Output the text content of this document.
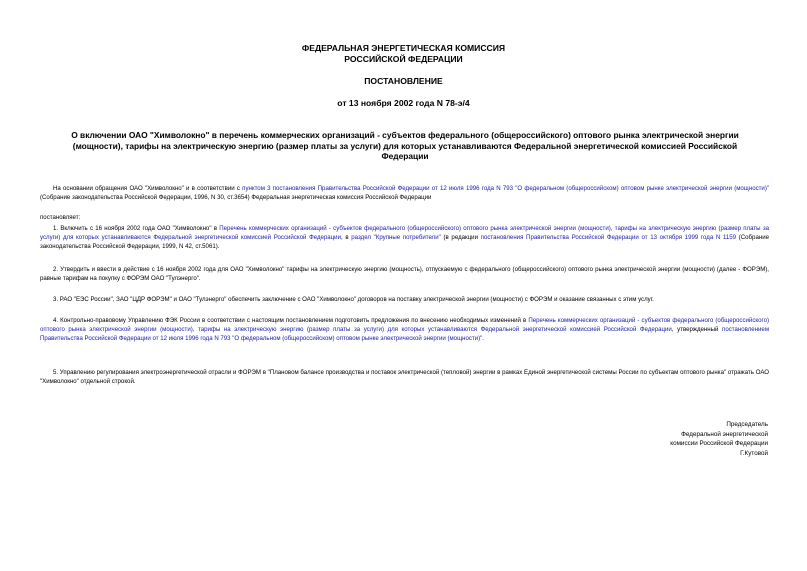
ФЕДЕРАЛЬНАЯ ЭНЕРГЕТИЧЕСКАЯ КОМИССИЯ
РОССИЙСКОЙ ФЕДЕРАЦИИ
ПОСТАНОВЛЕНИЕ
от 13 ноября 2002 года N 78-э/4
О включении ОАО "Химволокно" в перечень коммерческих организаций - субъектов федерального (общероссийского) оптового рынка электрической энергии (мощности), тарифы на электрическую энергию (размер платы за услуги) для которых устанавливаются Федеральной энергетической комиссией Российской Федерации
На основании обращения ОАО "Химволокно" и в соответствии с пунктом 3 постановления Правительства Российской Федерации от 12 июля 1996 года N 793 "О федеральном (общероссийском) оптовом рынке электрической энергии (мощности)" (Собрание законодательства Российской Федерации, 1996, N 30, ст.3654) Федеральная энергетическая комиссия Российской Федерации
постановляет:
1. Включить с 16 ноября 2002 года ОАО "Химволокно" в Перечень коммерческих организаций - субъектов федерального (общероссийского) оптового рынка электрической энергии (мощности), тарифы на электрическую энергию (размер платы за услуги) для которых устанавливаются Федеральной энергетической комиссией Российской Федерации, в раздел "Крупные потребители" (в редакции постановления Правительства Российской Федерации от 13 октября 1999 года N 1159 (Собрание законодательства Российской Федерации, 1999, N 42, ст.5061).
2. Утвердить и ввести в действие с 16 ноября 2002 года для ОАО "Химволокно" тарифы на электрическую энергию (мощность), отпускаемую с федерального (общероссийского) оптового рынка электрической энергии (мощности) (далее - ФОРЭМ), равные тарифам на покупку с ФОРЭМ ОАО "Тулэнерго".
3. РАО "ЕЭС России", ЗАО "ЦДР ФОРЭМ" и ОАО "Тулэнерго" обеспечить заключение с ОАО "Химволокно" договоров на поставку электрической энергии (мощности) с ФОРЭМ и оказание связанных с этим услуг.
4. Контрольно-правовому Управлению ФЭК России в соответствии с настоящим постановлением подготовить предложения по внесению необходимых изменений в Перечень коммерческих организаций - субъектов федерального (общероссийского) оптового рынка электрической энергии (мощности), тарифы на электрическую энергию (размер платы за услуги) для которых устанавливаются Федеральной энергетической комиссией Российской Федерации, утвержденный постановлением Правительства Российской Федерации от 12 июля 1996 года N 793 "О федеральном (общероссийском) оптовом рынке электрической энергии (мощности)".
5. Управлению регулирования электроэнергетической отрасли и ФОРЭМ в "Плановом балансе производства и поставок электрической (тепловой) энергии в рамках Единой энергетической системы России по субъектам оптового рынка" отражать ОАО "Химволокно" отдельной строкой.
Председатель
Федеральной энергетической
комиссии Российской Федерации
Г.Кутовой
